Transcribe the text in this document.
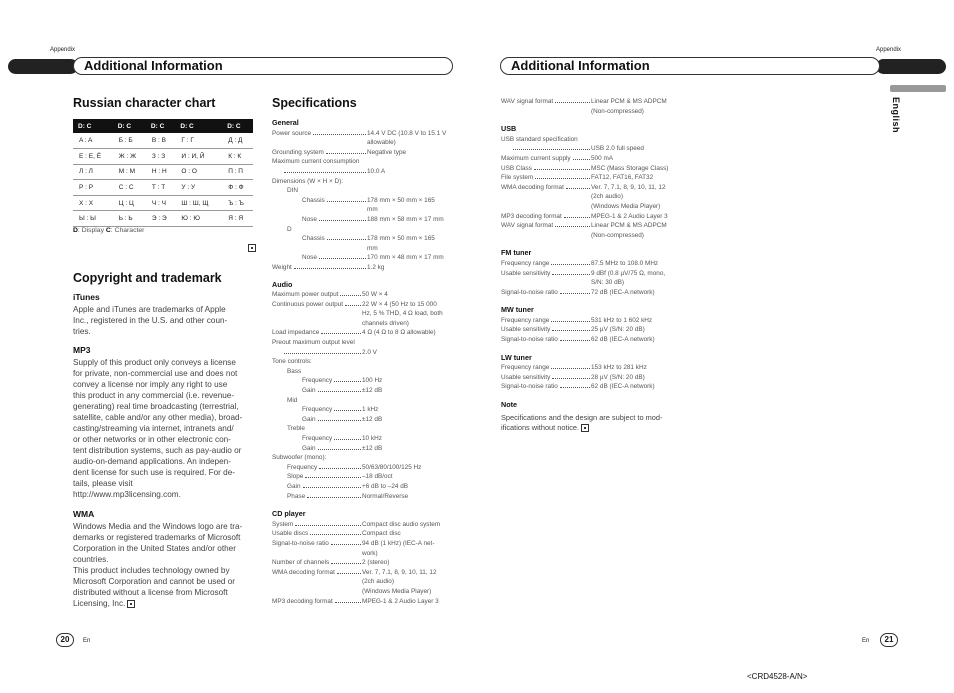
Appendix	Appendix
Additional Information	Additional Information
English
Russian character chart
D: C	D: C	D: C	D: C	D: C
A : A	Б : Б	В : В	Г : Г	Д : Д
Е : Е, Ё	Ж : Ж	З : З	И : И, Й	К : К
Л : Л	М : М	Н : Н	О : О	П : П
Р : Р	С : С	Т : Т	У : У	Ф : Ф
Х : Х	Ц : Ц	Ч : Ч	Ш : Ш, Щ	Ъ : Ъ
Ы : Ы	Ь : Ь	Э : Э	Ю : Ю	Я : Я
D: Display C: Character
Copyright and trademark
iTunes
Apple and iTunes are trademarks of Apple
Inc., registered in the U.S. and other coun-
tries.
MP3
Supply of this product only conveys a license
for private, non-commercial use and does not
convey a license nor imply any right to use
this product in any commercial (i.e. revenue-
generating) real time broadcasting (terrestrial,
satellite, cable and/or any other media), broad-
casting/streaming via internet, intranets and/
or other networks or in other electronic con-
tent distribution systems, such as pay-audio or
audio-on-demand applications. An indepen-
dent license for such use is required. For de-
tails, please visit
http://www.mp3licensing.com.
WMA
Windows Media and the Windows logo are tra-
demarks or registered trademarks of Microsoft
Corporation in the United States and/or other
countries.
This product includes technology owned by
Microsoft Corporation and cannot be used or
distributed without a license from Microsoft
Licensing, Inc.
Specifications
General
Power source	14.4 V DC (10.8 V to 15.1 V
allowable)
Grounding system	Negative type
Maximum current consumption
10.0 A
Dimensions (W × H × D):
DIN
Chassis	178 mm × 50 mm × 165
mm
Nose	188 mm × 58 mm × 17 mm
D
Chassis	178 mm × 50 mm × 165
mm
Nose	170 mm × 48 mm × 17 mm
Weight	1.2 kg
Audio
Maximum power output	50 W × 4
Continuous power output	22 W × 4 (50 Hz to 15 000
Hz, 5 % THD, 4 Ω load, both
channels driven)
Load impedance	4 Ω (4 Ω to 8 Ω allowable)
Preout maximum output level
2.0 V
Tone controls:
Bass
Frequency	100 Hz
Gain	±12 dB
Mid
Frequency	1 kHz
Gain	±12 dB
Treble
Frequency	10 kHz
Gain	±12 dB
Subwoofer (mono):
Frequency	50/63/80/100/125 Hz
Slope	–18 dB/oct
Gain	+6 dB to –24 dB
Phase	Normal/Reverse
CD player
System	Compact disc audio system
Usable discs	Compact disc
Signal-to-noise ratio	94 dB (1 kHz) (IEC-A net-
work)
Number of channels	2 (stereo)
WMA decoding format	Ver. 7, 7.1, 8, 9, 10, 11, 12
(2ch audio)
(Windows Media Player)
MP3 decoding format	MPEG-1 & 2 Audio Layer 3
WAV signal format	Linear PCM & MS ADPCM
(Non-compressed)
USB
USB standard specification
USB 2.0 full speed
Maximum current supply	500 mA
USB Class	MSC (Mass Storage Class)
File system	FAT12, FAT16, FAT32
WMA decoding format	Ver. 7, 7.1, 8, 9, 10, 11, 12
(2ch audio)
(Windows Media Player)
MP3 decoding format	MPEG-1 & 2 Audio Layer 3
WAV signal format	Linear PCM & MS ADPCM
(Non-compressed)
FM tuner
Frequency range	87.5 MHz to 108.0 MHz
Usable sensitivity	9 dBf (0.8 µV/75 Ω, mono,
S/N: 30 dB)
Signal-to-noise ratio	72 dB (IEC-A network)
MW tuner
Frequency range	531 kHz to 1 602 kHz
Usable sensitivity	25 µV (S/N: 20 dB)
Signal-to-noise ratio	62 dB (IEC-A network)
LW tuner
Frequency range	153 kHz to 281 kHz
Usable sensitivity	28 µV (S/N: 20 dB)
Signal-to-noise ratio	62 dB (IEC-A network)
Note
Specifications and the design are subject to mod-
ifications without notice.
20	En	En	21
<CRD4528-A/N>
